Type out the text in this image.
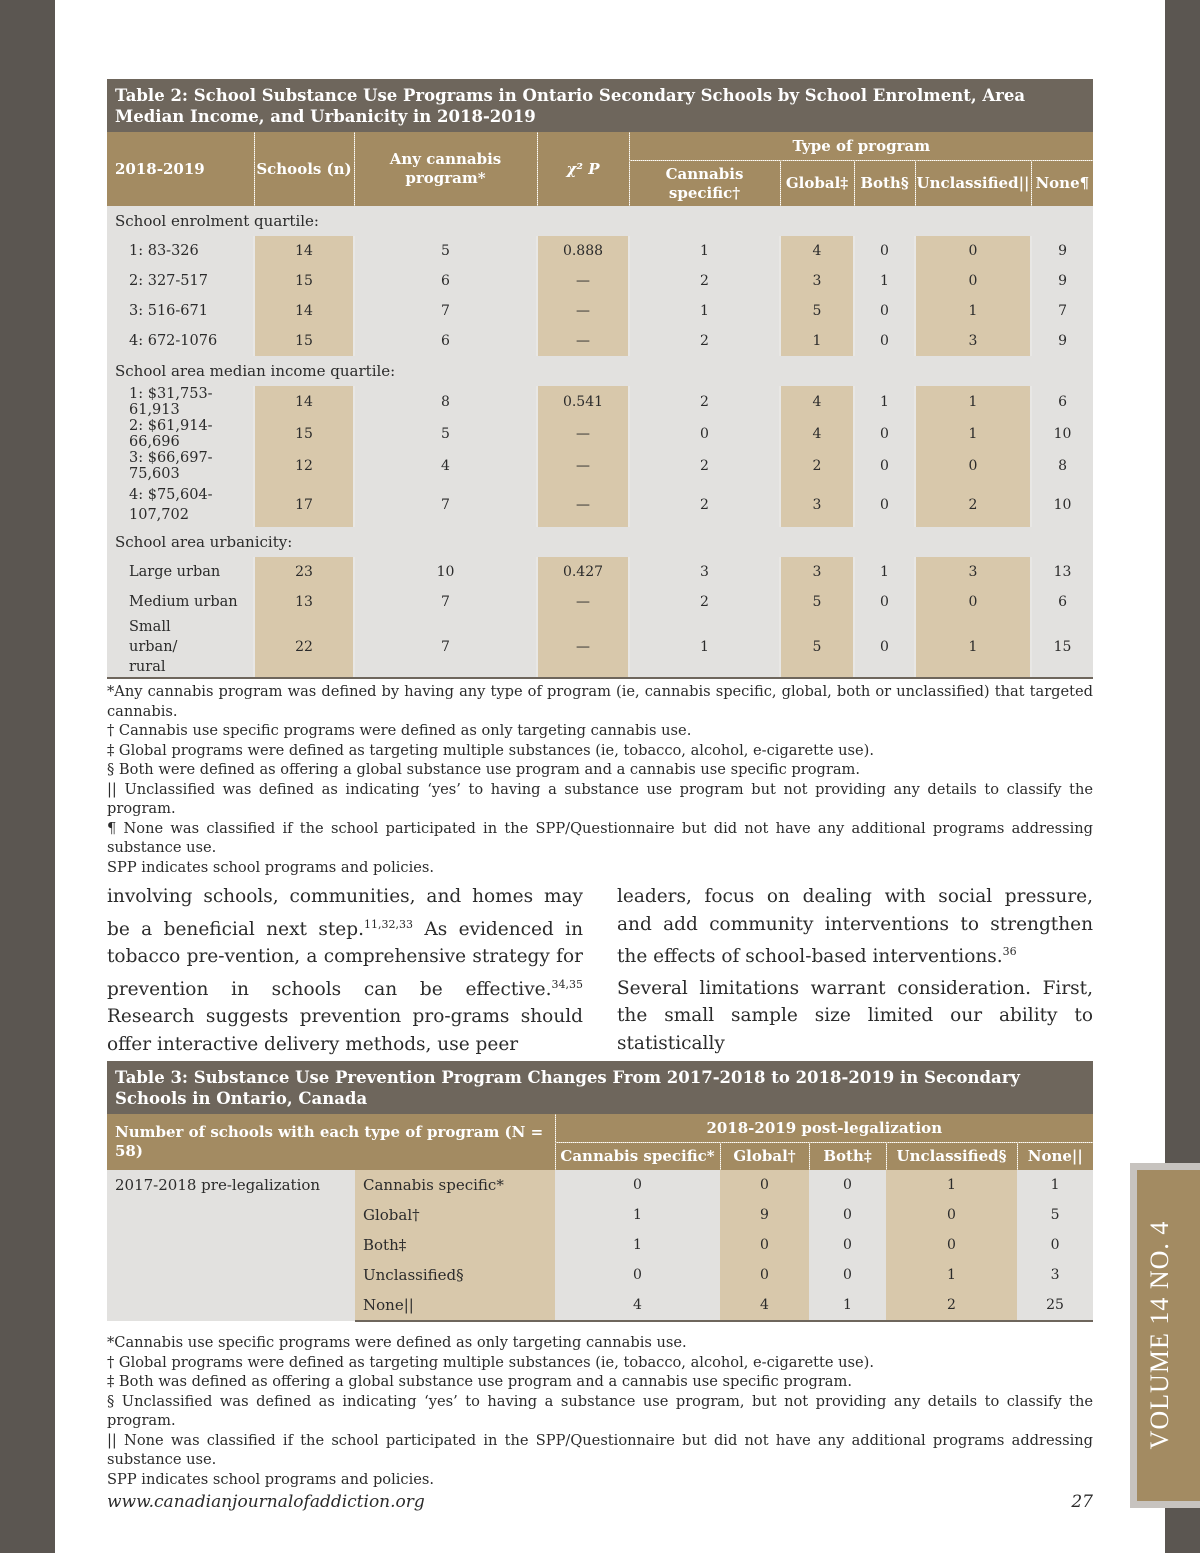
VOLUME 14 NO. 4
Table 2: School Substance Use Programs in Ontario Secondary Schools by School Enrolment, Area Median Income, and Urbanicity in 2018-2019								
2018-2019	Schools (n)	Any cannabis program*	χ² P	Type of program				
				Cannabis specific†	Global‡	Both§	Unclassified||	None¶
School enrolment quartile:								
1: 83-326	14	5	0.888	1	4	0	0	9
2: 327-517	15	6	—	2	3	1	0	9
3: 516-671	14	7	—	1	5	0	1	7
4: 672-1076	15	6	—	2	1	0	3	9
School area median income quartile:								
1: $31,753-61,913	14	8	0.541	2	4	1	1	6
2: $61,914-66,696	15	5	—	0	4	0	1	10
3: $66,697-75,603	12	4	—	2	2	0	0	8
4: $75,604-107,702	17	7	—	2	3	0	2	10
School area urbanicity:								
Large urban	23	10	0.427	3	3	1	3	13
Medium urban	13	7	—	2	5	0	0	6
Small urban/ rural	22	7	—	1	5	0	1	15

*Any cannabis program was defined by having any type of program (ie, cannabis specific, global, both or unclassified) that targeted cannabis.

† Cannabis use specific programs were defined as only targeting cannabis use.

‡ Global programs were defined as targeting multiple substances (ie, tobacco, alcohol, e-cigarette use).

§ Both were defined as offering a global substance use program and a cannabis use specific program.

|| Unclassified was defined as indicating ‘yes’ to having a substance use program but not providing any details to classify the program.

¶ None was classified if the school participated in the SPP/Questionnaire but did not have any additional programs addressing substance use.

SPP indicates school programs and policies.

involving schools, communities, and homes may be a beneficial next step.$^{11,32,33}$ As evidenced in tobacco pre-vention, a comprehensive strategy for prevention in schools can be effective.$^{34,35}$ Research suggests prevention pro-grams should offer interactive delivery methods, use peer

leaders, focus on dealing with social pressure, and add community interventions to strengthen the effects of school-based interventions.$^{36}$

Several limitations warrant consideration. First, the small sample size limited our ability to statistically

Table 3: Substance Use Prevention Program Changes From 2017-2018 to 2018-2019 in Secondary Schools in Ontario, Canada						
Number of schools with each type of program (N = 58)		2018-2019 post-legalization				
		Cannabis specific*	Global†	Both‡	Unclassified§	None||
2017-2018 pre-legalization	Cannabis specific*	0	0	0	1	1
	Global†	1	9	0	0	5
	Both‡	1	0	0	0	0
	Unclassified§	0	0	0	1	3
	None||	4	4	1	2	25

*Cannabis use specific programs were defined as only targeting cannabis use.

† Global programs were defined as targeting multiple substances (ie, tobacco, alcohol, e-cigarette use).

‡ Both was defined as offering a global substance use program and a cannabis use specific program.

§ Unclassified was defined as indicating ‘yes’ to having a substance use program, but not providing any details to classify the program.

|| None was classified if the school participated in the SPP/Questionnaire but did not have any additional programs addressing substance use.

SPP indicates school programs and policies.

www.canadianjournalofaddiction.org	27
